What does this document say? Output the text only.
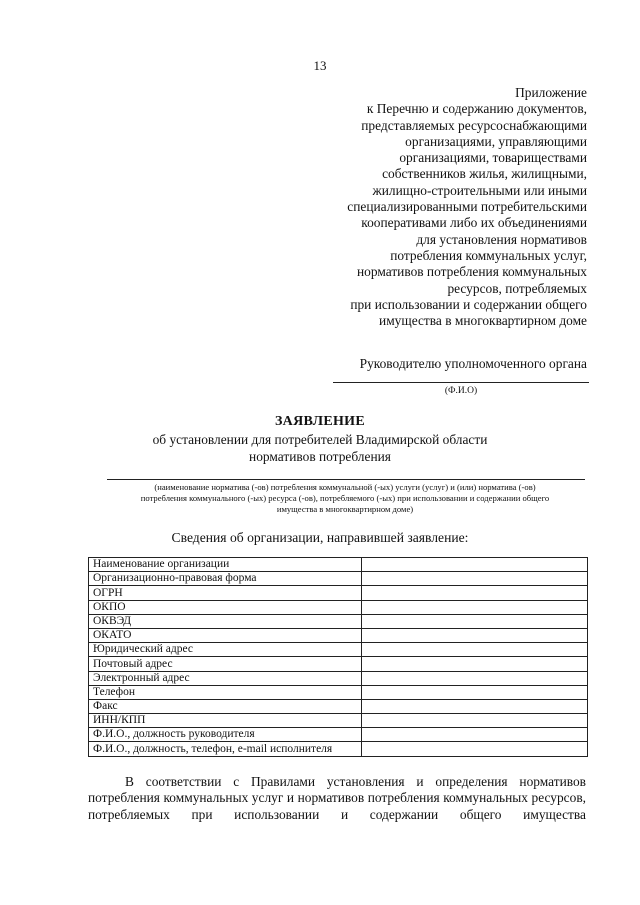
13
Приложение
к Перечню и содержанию документов,
представляемых ресурсоснабжающими
организациями, управляющими
организациями, товариществами
собственников жилья, жилищными,
жилищно-строительными или иными
специализированными потребительскими
кооперативами либо их объединениями
для установления нормативов
потребления коммунальных услуг,
нормативов потребления коммунальных
ресурсов, потребляемых
при использовании и содержании общего
имущества в многоквартирном доме
Руководителю уполномоченного органа
(Ф.И.О)
ЗАЯВЛЕНИЕ
об установлении для потребителей Владимирской области
нормативов потребления
(наименование норматива (-ов) потребления коммунальной (-ых) услуги (услуг) и (или) норматива (-ов)
потребления коммунального (-ых) ресурса (-ов), потребляемого (-ых) при использовании и содержании общего
имущества в многоквартирном доме)
Сведения об организации, направившей заявление:
Наименование организации	
Организационно-правовая форма	
ОГРН	
ОКПО	
ОКВЭД	
ОКАТО	
Юридический адрес	
Почтовый адрес	
Электронный адрес	
Телефон	
Факс	
ИНН/КПП	
Ф.И.О., должность руководителя	
Ф.И.О., должность, телефон, e-mail исполнителя	
В соответствии с Правилами установления и определения нормативов потребления коммунальных услуг и нормативов потребления коммунальных ресурсов, потребляемых при использовании и содержании общего имущества
